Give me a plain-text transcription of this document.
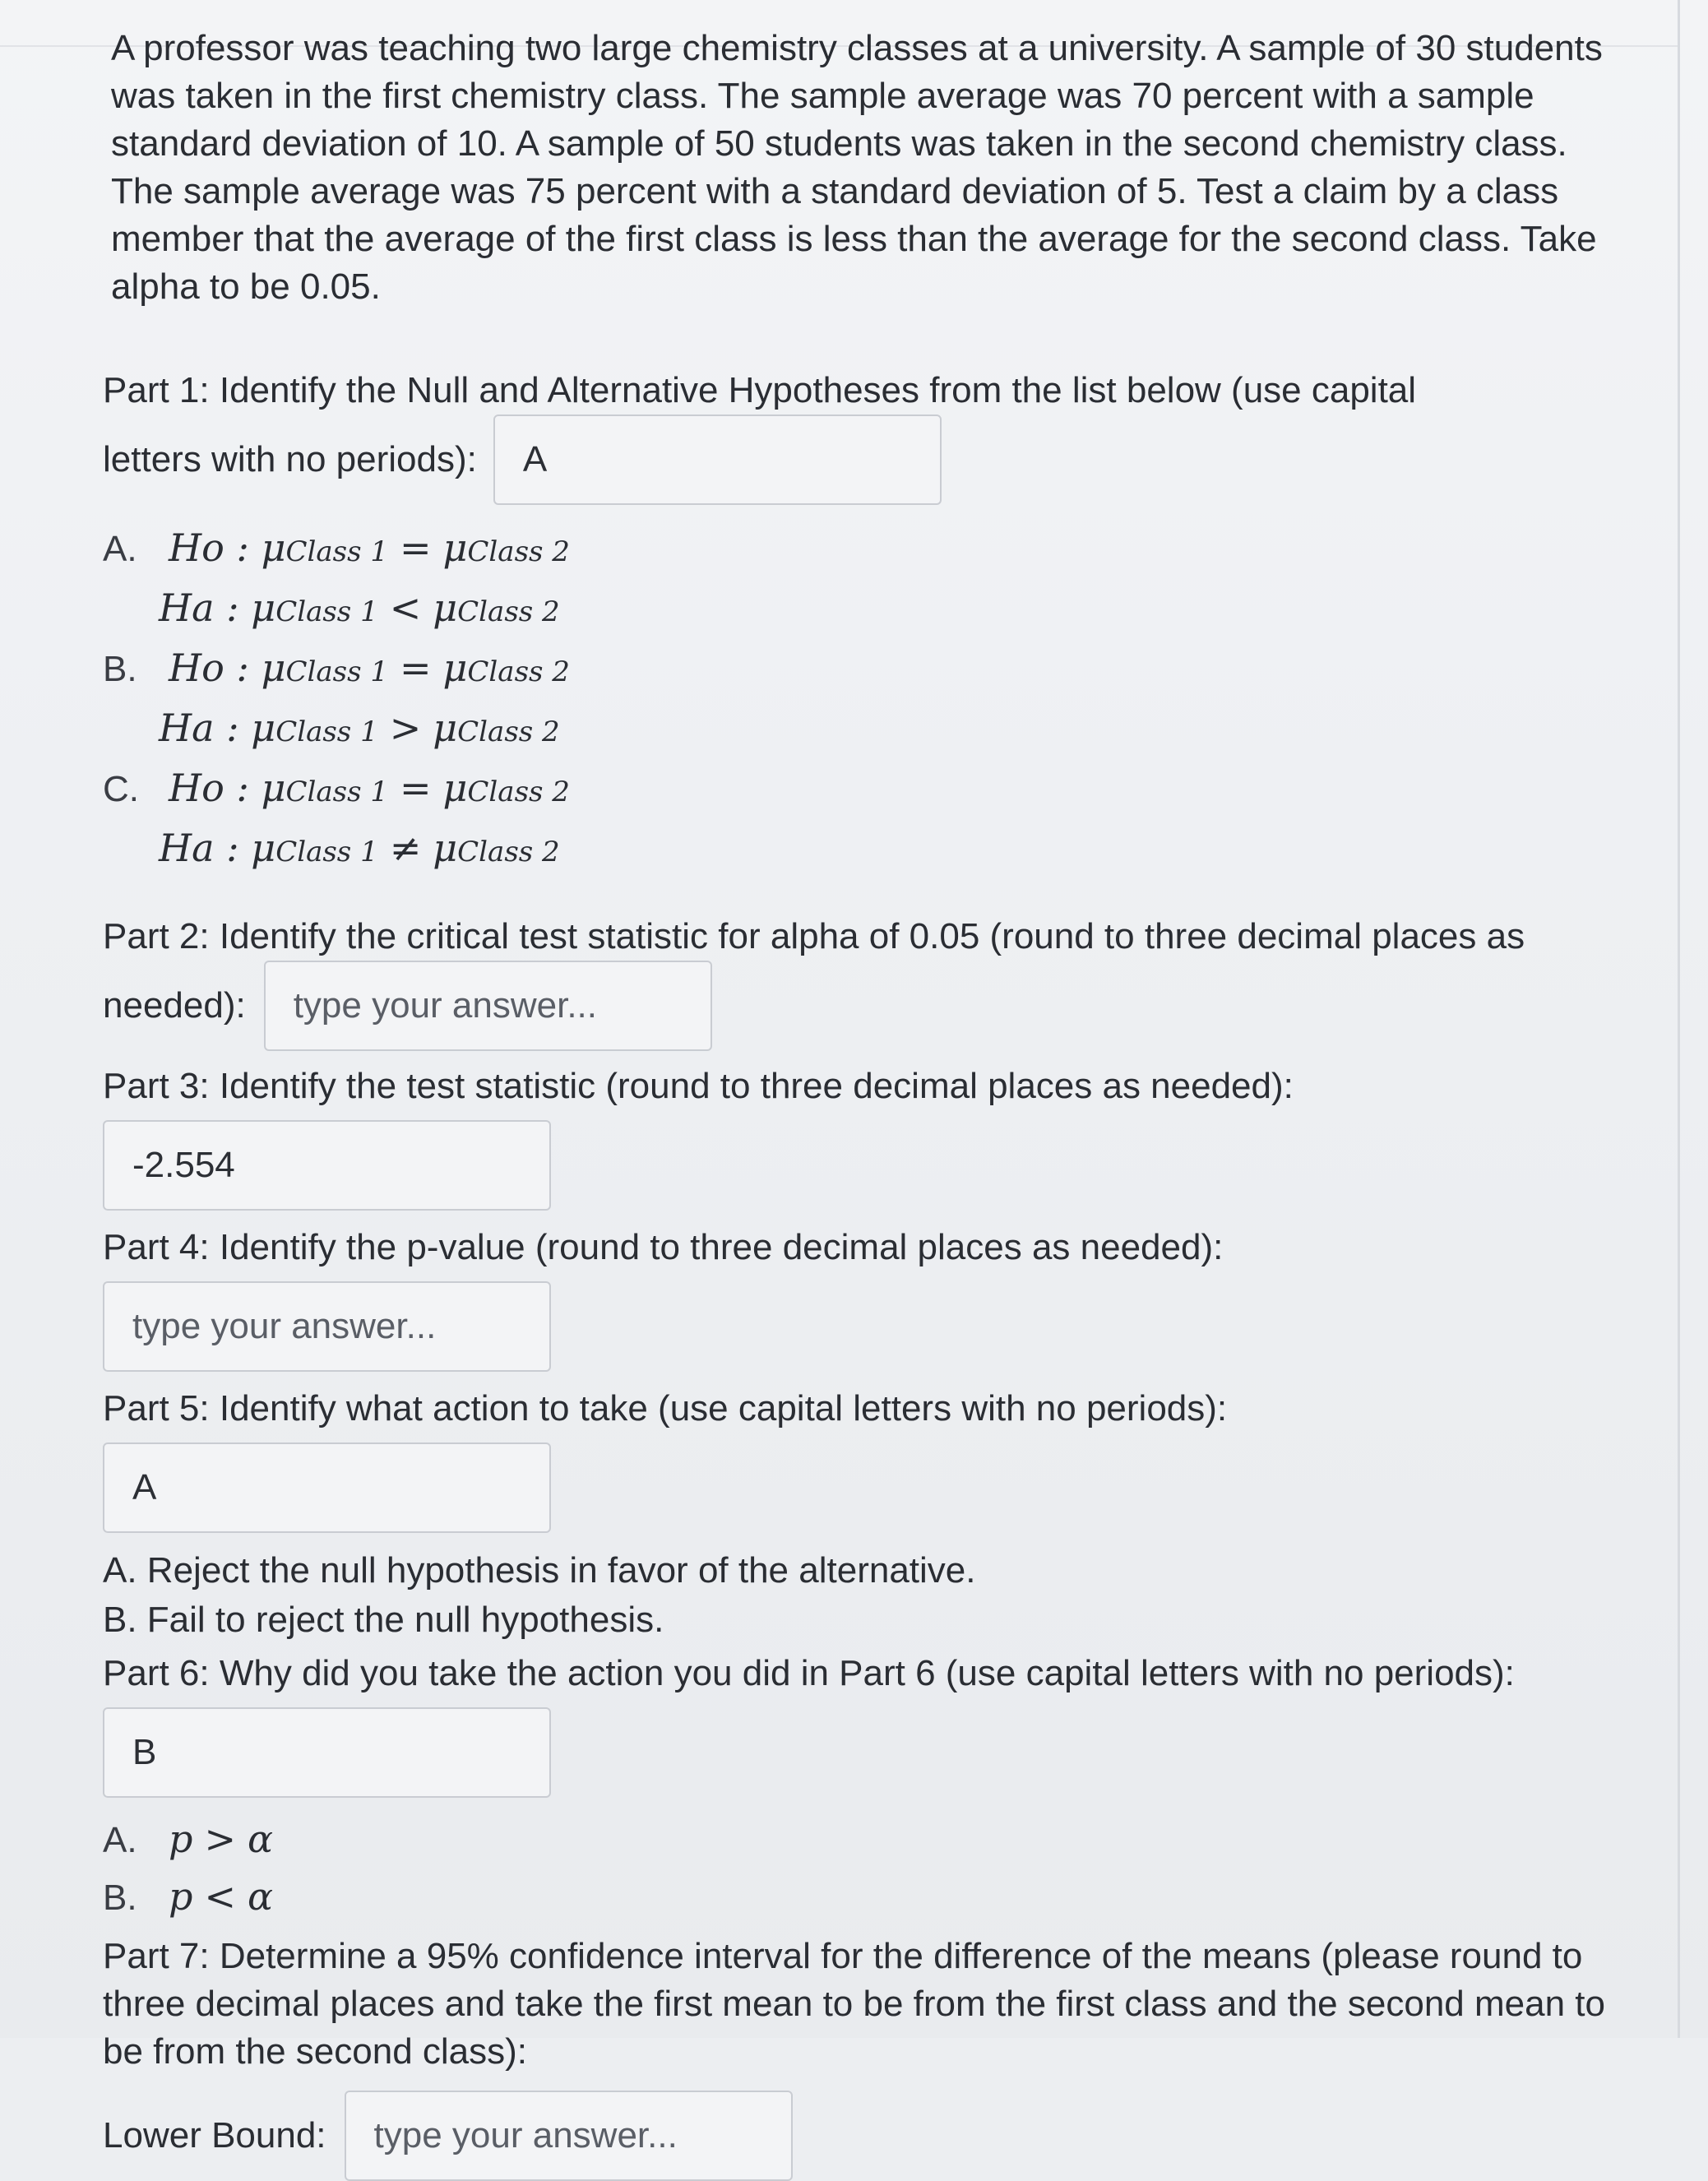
A professor was teaching two large chemistry classes at a university. A sample of 30 students was taken in the first chemistry class. The sample average was 70 percent with a sample standard deviation of 10. A sample of 50 students was taken in the second chemistry class. The sample average was 75 percent with a standard deviation of 5. Test a claim by a class member that the average of the first class is less than the average for the second class. Take alpha to be 0.05.

Part 1: Identify the Null and Alternative Hypotheses from the list below (use capital

letters with no periods):	A
A. Ho : μClass 1 = μClass 2
Ha : μClass 1 < μClass 2
B. Ho : μClass 1 = μClass 2
Ha : μClass 1 > μClass 2
C. Ho : μClass 1 = μClass 2
Ha : μClass 1 ≠ μClass 2

Part 2: Identify the critical test statistic for alpha of 0.05 (round to three decimal places as

needed):	type your answer...

Part 3: Identify the test statistic (round to three decimal places as needed):

-2.554

Part 4: Identify the p-value (round to three decimal places as needed):

type your answer...

Part 5: Identify what action to take (use capital letters with no periods):

A
A. Reject the null hypothesis in favor of the alternative.
B. Fail to reject the null hypothesis.

Part 6: Why did you take the action you did in Part 6 (use capital letters with no periods):

B
A. p > α
B. p < α

Part 7: Determine a 95% confidence interval for the difference of the means (please round to three decimal places and take the first mean to be from the first class and the second mean to be from the second class):

Lower Bound:	type your answer...
